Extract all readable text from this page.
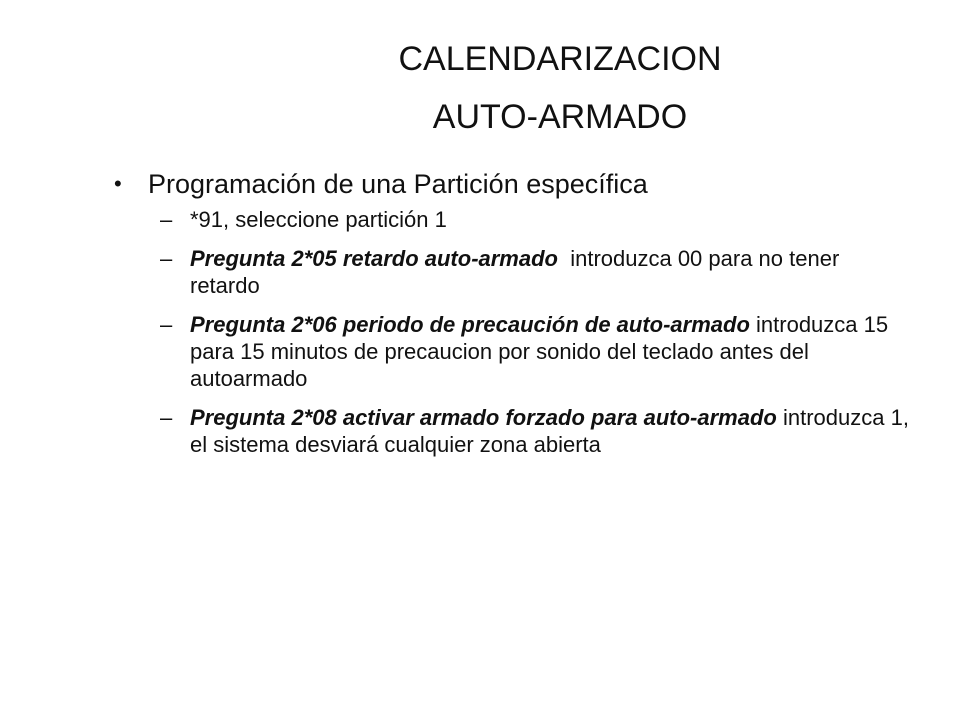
CALENDARIZACION
AUTO-ARMADO
• Programación de una Partición específica
– *91, seleccione partición 1
– Pregunta 2*05 retardo auto-armado  introduzca 00 para no tener retardo
– Pregunta 2*06 periodo de precaución de auto-armado introduzca 15 para 15 minutos de precaucion por sonido del teclado antes del autoarmado
– Pregunta 2*08 activar armado forzado para auto-armado introduzca 1, el sistema desviará cualquier zona abierta
